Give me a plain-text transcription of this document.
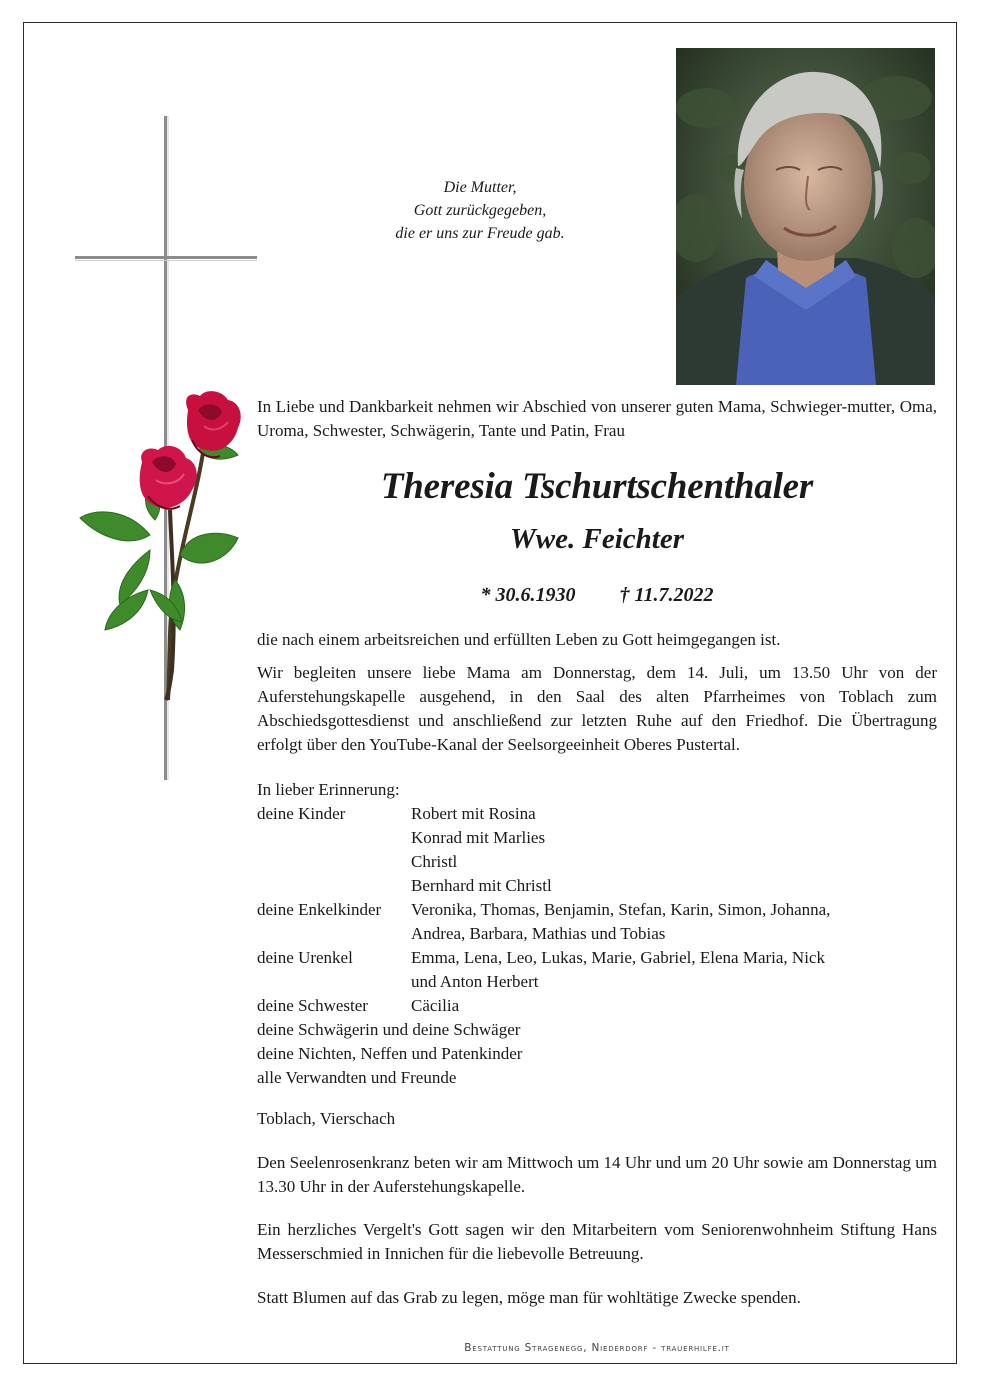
Die Mutter,
Gott zurückgegeben,
die er uns zur Freude gab.
In Liebe und Dankbarkeit nehmen wir Abschied von unserer guten Mama, Schwieger-mutter, Oma, Uroma, Schwester, Schwägerin, Tante und Patin, Frau
Theresia Tschurtschenthaler
Wwe. Feichter
* 30.6.1930 † 11.7.2022
die nach einem arbeitsreichen und erfüllten Leben zu Gott heimgegangen ist.
Wir begleiten unsere liebe Mama am Donnerstag, dem 14. Juli, um 13.50 Uhr von der Auferstehungskapelle ausgehend, in den Saal des alten Pfarrheimes von Toblach zum Abschiedsgottesdienst und anschließend zur letzten Ruhe auf den Friedhof. Die Übertragung erfolgt über den YouTube-Kanal der Seelsorgeeinheit Oberes Pustertal.
In lieber Erinnerung:
deine Kinder	Robert mit Rosina
Konrad mit Marlies
Christl
Bernhard mit Christl
deine Enkelkinder	Veronika, Thomas, Benjamin, Stefan, Karin, Simon, Johanna,
Andrea, Barbara, Mathias und Tobias
deine Urenkel	Emma, Lena, Leo, Lukas, Marie, Gabriel, Elena Maria, Nick
und Anton Herbert
deine Schwester	Cäcilia
deine Schwägerin und deine Schwäger
deine Nichten, Neffen und Patenkinder
alle Verwandten und Freunde
Toblach, Vierschach
Den Seelenrosenkranz beten wir am Mittwoch um 14 Uhr und um 20 Uhr sowie am Donnerstag um 13.30 Uhr in der Auferstehungskapelle.
Ein herzliches Vergelt's Gott sagen wir den Mitarbeitern vom Seniorenwohnheim Stiftung Hans Messerschmied in Innichen für die liebevolle Betreuung.
Statt Blumen auf das Grab zu legen, möge man für wohltätige Zwecke spenden.
Bestattung Stragenegg, Niederdorf - trauerhilfe.it
